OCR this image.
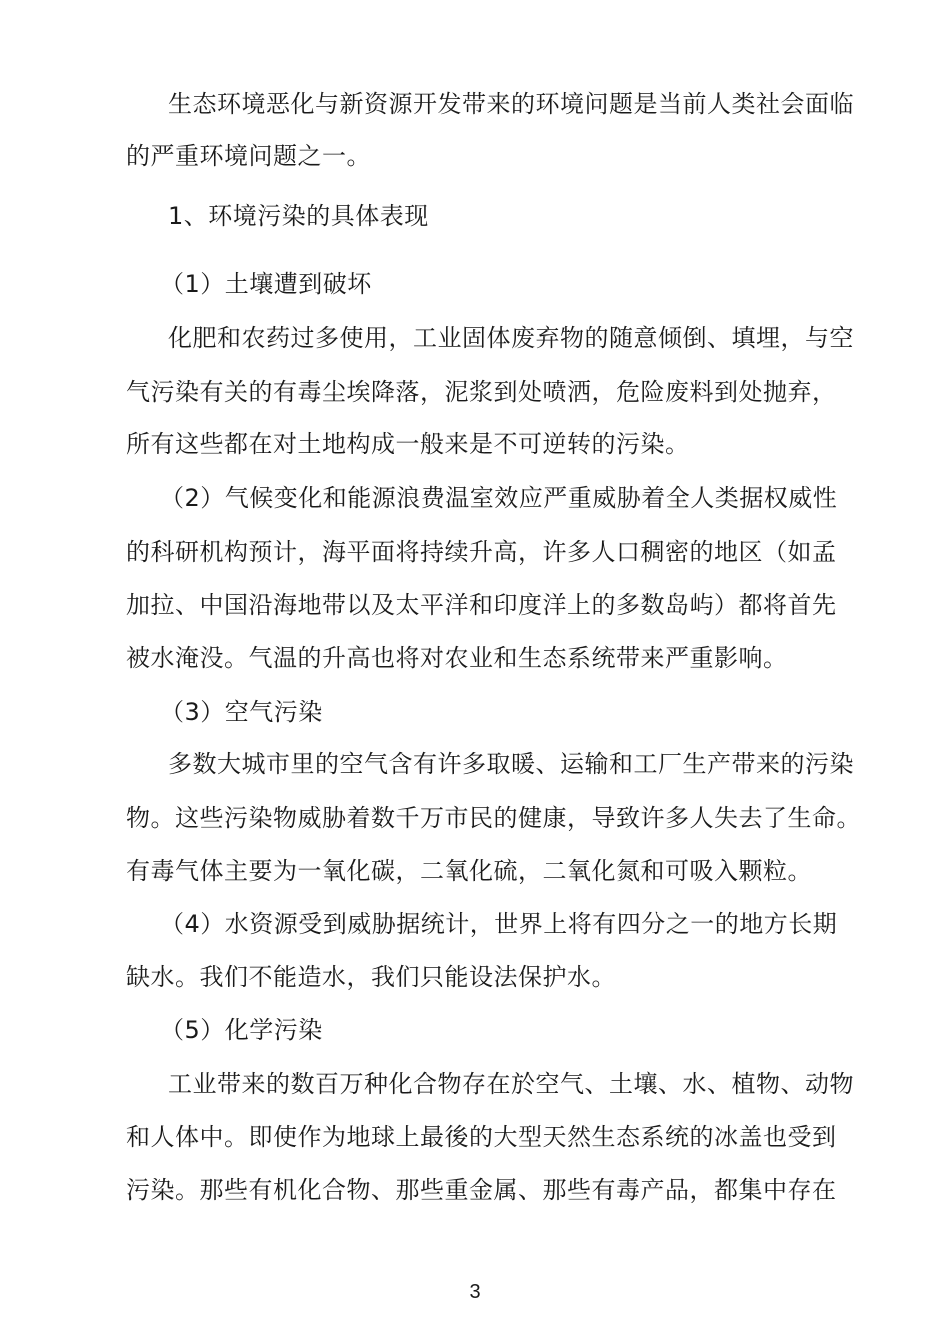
生态环境恶化与新资源开发带来的环境问题是当前人类社会面临
的严重环境问题之一。
1、环境污染的具体表现
（1）土壤遭到破坏
化肥和农药过多使用，工业固体废弃物的随意倾倒、填埋，与空
气污染有关的有毒尘埃降落，泥浆到处喷洒，危险废料到处抛弃，
所有这些都在对土地构成一般来是不可逆转的污染。
（2）气候变化和能源浪费温室效应严重威胁着全人类据权威性
的科研机构预计，海平面将持续升高，许多人口稠密的地区（如孟
加拉、中国沿海地带以及太平洋和印度洋上的多数岛屿）都将首先
被水淹没。气温的升高也将对农业和生态系统带来严重影响。
（3）空气污染
多数大城市里的空气含有许多取暖、运输和工厂生产带来的污染
物。这些污染物威胁着数千万市民的健康，导致许多人失去了生命。
有毒气体主要为一氧化碳，二氧化硫，二氧化氮和可吸入颗粒。
（4）水资源受到威胁据统计，世界上将有四分之一的地方长期
缺水。我们不能造水，我们只能设法保护水。
（5）化学污染
工业带来的数百万种化合物存在於空气、土壤、水、植物、动物
和人体中。即使作为地球上最後的大型天然生态系统的冰盖也受到
污染。那些有机化合物、那些重金属、那些有毒产品，都集中存在
3
